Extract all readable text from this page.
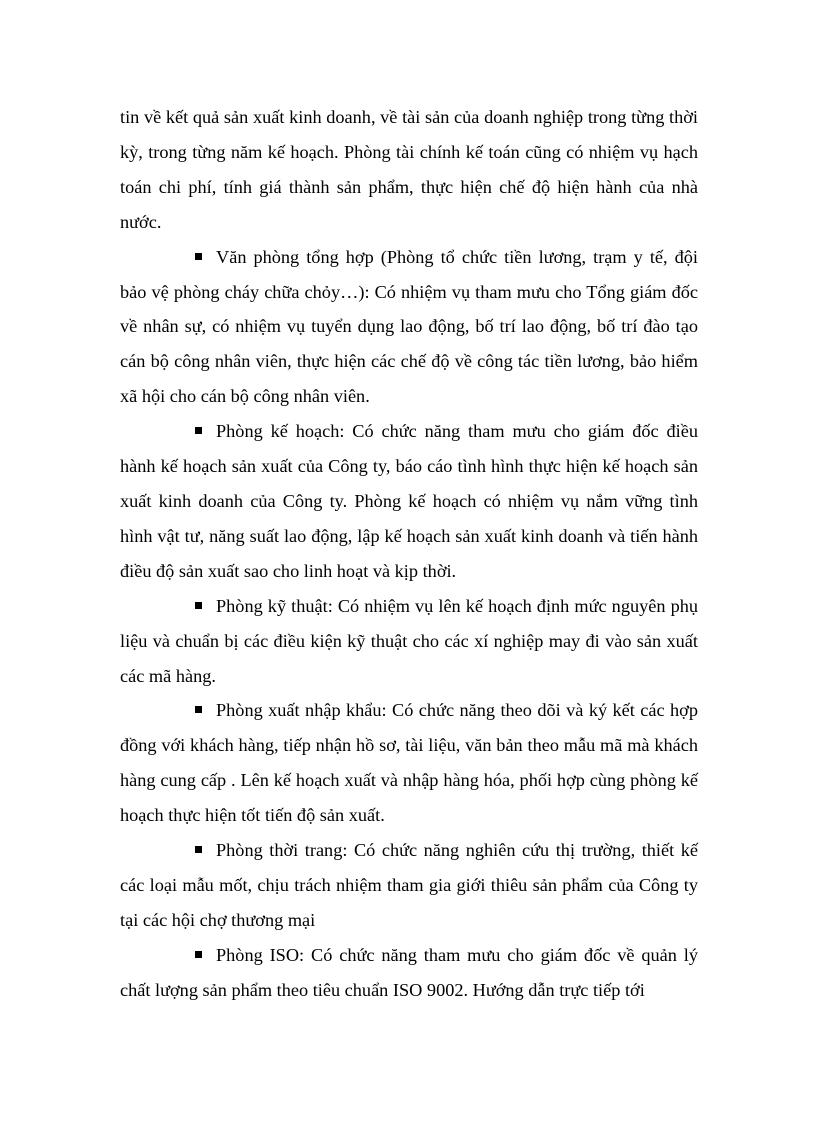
tin về kết quả sản xuất kinh doanh, về tài sản của doanh nghiệp trong từng thời kỳ, trong từng năm kế hoạch. Phòng tài chính kế toán cũng có nhiệm vụ hạch toán chi phí, tính giá thành sản phẩm, thực hiện chế độ hiện hành của nhà nước.

Văn phòng tổng hợp (Phòng tổ chức tiền lương, trạm y tế, đội bảo vệ phòng cháy chữa chỏy…): Có nhiệm vụ tham mưu cho Tổng giám đốc về nhân sự, có nhiệm vụ tuyển dụng lao động, bố trí lao động, bố trí đào tạo cán bộ công nhân viên, thực hiện các chế độ về công tác tiền lương, bảo hiểm xã hội cho cán bộ công nhân viên.

Phòng kế hoạch: Có chức năng tham mưu cho giám đốc điều hành kế hoạch sản xuất của Công ty, báo cáo tình hình thực hiện kế hoạch sản xuất kinh doanh của Công ty. Phòng kế hoạch có nhiệm vụ nắm vững tình hình vật tư, năng suất lao động, lập kế hoạch sản xuất kinh doanh và tiến hành điều độ sản xuất sao cho linh hoạt và kịp thời.

Phòng kỹ thuật: Có nhiệm vụ lên kế hoạch định mức nguyên phụ liệu và chuẩn bị các điều kiện kỹ thuật cho các xí nghiệp may đi vào sản xuất các mã hàng.

Phòng xuất nhập khẩu: Có chức năng theo dõi và ký kết các hợp đồng với khách hàng, tiếp nhận hồ sơ, tài liệu, văn bản theo mẫu mã mà khách hàng cung cấp . Lên kế hoạch xuất và nhập hàng hóa, phối hợp cùng phòng kế hoạch thực hiện tốt tiến độ sản xuất.

Phòng thời trang: Có chức năng nghiên cứu thị trường, thiết kế các loại mẫu mốt, chịu trách nhiệm tham gia giới thiêu sản phẩm của Công ty tại các hội chợ thương mại

Phòng ISO: Có chức năng tham mưu cho giám đốc về quản lý chất lượng sản phẩm theo tiêu chuẩn ISO 9002. Hướng dẫn trực tiếp tới
